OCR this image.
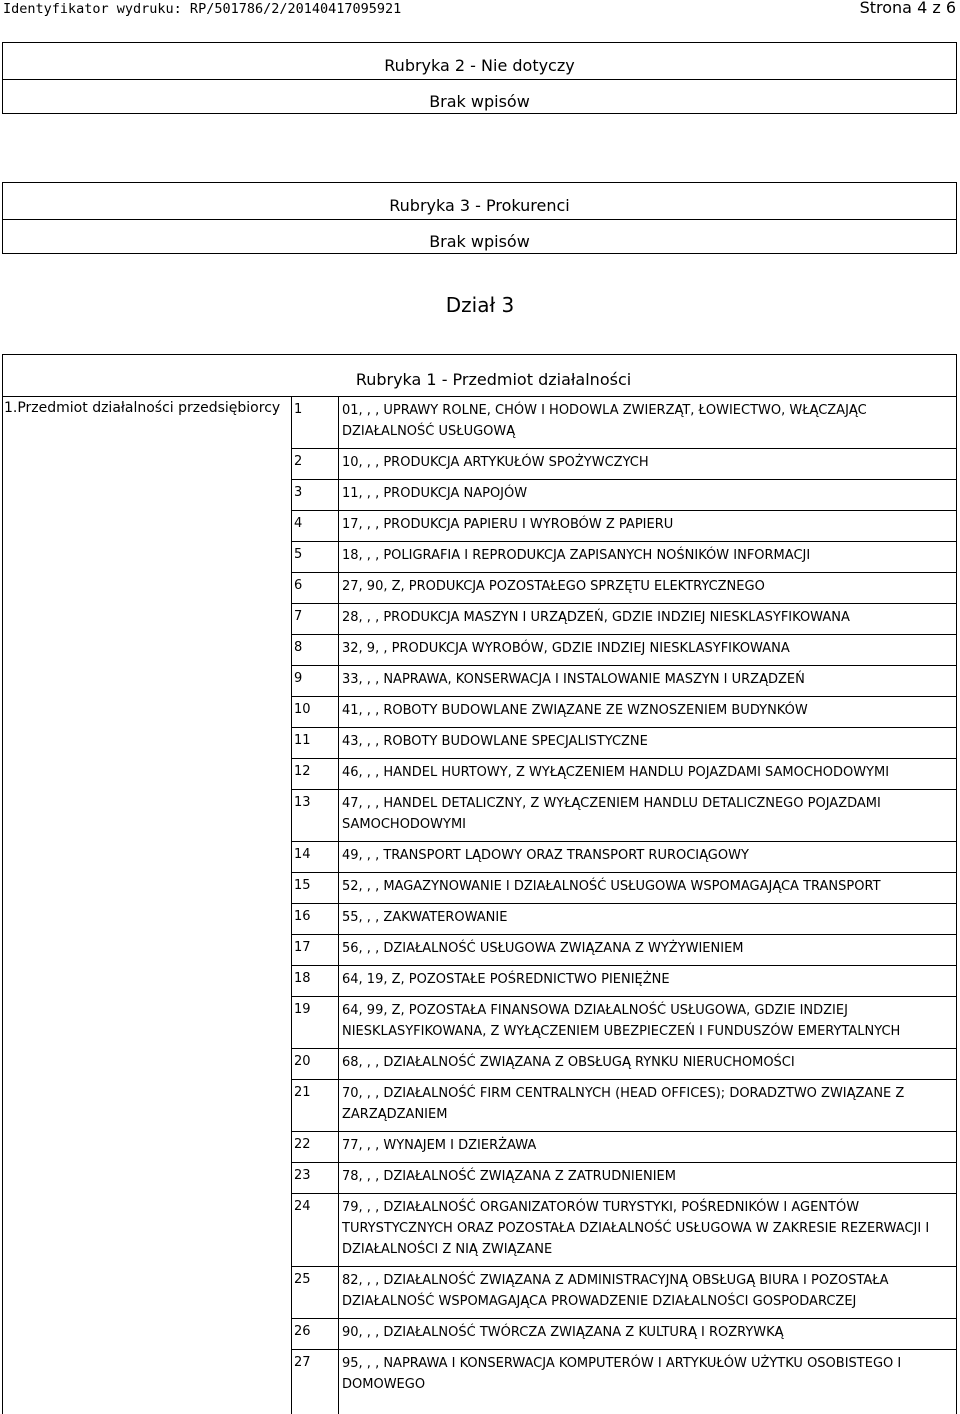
Identyfikator wydruku: RP/501786/2/20140417095921	Strona 4 z 6
Rubryka 2 - Nie dotyczy
Brak wpisów
Rubryka 3 - Prokurenci
Brak wpisów
Dział 3
Rubryka 1 - Przedmiot działalności
1.Przedmiot działalności przedsiębiorcy 1	01, , , UPRAWY ROLNE, CHÓW I HODOWLA ZWIERZĄT, ŁOWIECTWO, WŁĄCZAJĄC DZIAŁALNOŚĆ USŁUGOWĄ
2	10, , , PRODUKCJA ARTYKUŁÓW SPOŻYWCZYCH
3	11, , , PRODUKCJA NAPOJÓW
4	17, , , PRODUKCJA PAPIERU I WYROBÓW Z PAPIERU
5	18, , , POLIGRAFIA I REPRODUKCJA ZAPISANYCH NOŚNIKÓW INFORMACJI
6	27, 90, Z, PRODUKCJA POZOSTAŁEGO SPRZĘTU ELEKTRYCZNEGO
7	28, , , PRODUKCJA MASZYN I URZĄDZEŃ, GDZIE INDZIEJ NIESKLASYFIKOWANA
8	32, 9, , PRODUKCJA WYROBÓW, GDZIE INDZIEJ NIESKLASYFIKOWANA
9	33, , , NAPRAWA, KONSERWACJA I INSTALOWANIE MASZYN I URZĄDZEŃ
10	41, , , ROBOTY BUDOWLANE ZWIĄZANE ZE WZNOSZENIEM BUDYNKÓW
11	43, , , ROBOTY BUDOWLANE SPECJALISTYCZNE
12	46, , , HANDEL HURTOWY, Z WYŁĄCZENIEM HANDLU POJAZDAMI SAMOCHODOWYMI
13	47, , , HANDEL DETALICZNY, Z WYŁĄCZENIEM HANDLU DETALICZNEGO POJAZDAMI SAMOCHODOWYMI
14	49, , , TRANSPORT LĄDOWY ORAZ TRANSPORT RUROCIĄGOWY
15	52, , , MAGAZYNOWANIE I DZIAŁALNOŚĆ USŁUGOWA WSPOMAGAJĄCA TRANSPORT
16	55, , , ZAKWATEROWANIE
17	56, , , DZIAŁALNOŚĆ USŁUGOWA ZWIĄZANA Z WYŻYWIENIEM
18	64, 19, Z, POZOSTAŁE POŚREDNICTWO PIENIĘŻNE
19	64, 99, Z, POZOSTAŁA FINANSOWA DZIAŁALNOŚĆ USŁUGOWA, GDZIE INDZIEJ NIESKLASYFIKOWANA, Z WYŁĄCZENIEM UBEZPIECZEŃ I FUNDUSZÓW EMERYTALNYCH
20	68, , , DZIAŁALNOŚĆ ZWIĄZANA Z OBSŁUGĄ RYNKU NIERUCHOMOŚCI
21	70, , , DZIAŁALNOŚĆ FIRM CENTRALNYCH (HEAD OFFICES); DORADZTWO ZWIĄZANE Z ZARZĄDZANIEM
22	77, , , WYNAJEM I DZIERŻAWA
23	78, , , DZIAŁALNOŚĆ ZWIĄZANA Z ZATRUDNIENIEM
24	79, , , DZIAŁALNOŚĆ ORGANIZATORÓW TURYSTYKI, POŚREDNIKÓW I AGENTÓW TURYSTYCZNYCH ORAZ POZOSTAŁA DZIAŁALNOŚĆ USŁUGOWA W ZAKRESIE REZERWACJI I DZIAŁALNOŚCI Z NIĄ ZWIĄZANE
25	82, , , DZIAŁALNOŚĆ ZWIĄZANA Z ADMINISTRACYJNĄ OBSŁUGĄ BIURA I POZOSTAŁA DZIAŁALNOŚĆ WSPOMAGAJĄCA PROWADZENIE DZIAŁALNOŚCI GOSPODARCZEJ
26	90, , , DZIAŁALNOŚĆ TWÓRCZA ZWIĄZANA Z KULTURĄ I ROZRYWKĄ
27	95, , , NAPRAWA I KONSERWACJA KOMPUTERÓW I ARTYKUŁÓW UŻYTKU OSOBISTEGO I DOMOWEGO
